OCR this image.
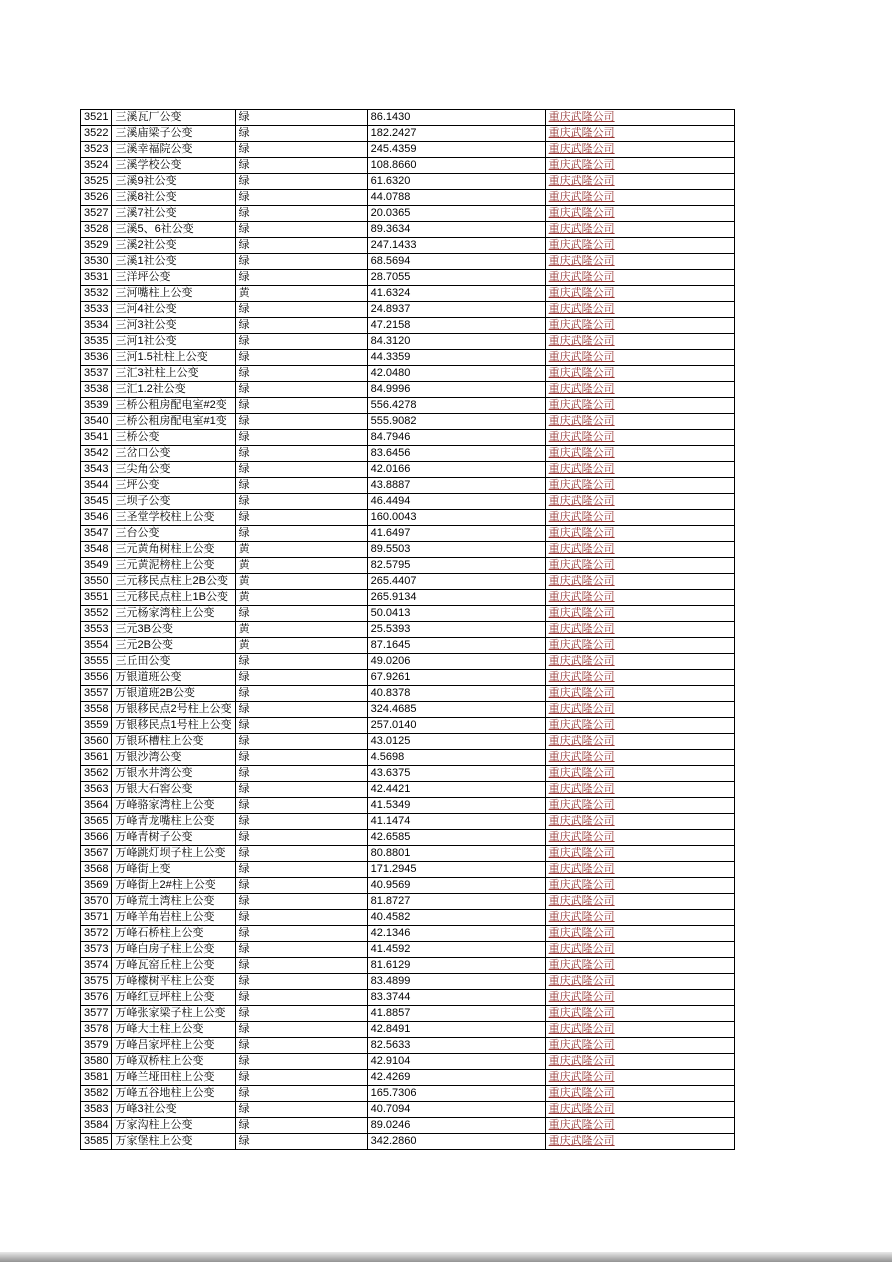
3521	三溪瓦厂公变	绿	86.1430	重庆武隆公司
3522	三溪庙梁子公变	绿	182.2427	重庆武隆公司
3523	三溪幸福院公变	绿	245.4359	重庆武隆公司
3524	三溪学校公变	绿	108.8660	重庆武隆公司
3525	三溪9社公变	绿	61.6320	重庆武隆公司
3526	三溪8社公变	绿	44.0788	重庆武隆公司
3527	三溪7社公变	绿	20.0365	重庆武隆公司
3528	三溪5、6社公变	绿	89.3634	重庆武隆公司
3529	三溪2社公变	绿	247.1433	重庆武隆公司
3530	三溪1社公变	绿	68.5694	重庆武隆公司
3531	三洋坪公变	绿	28.7055	重庆武隆公司
3532	三河嘴柱上公变	黄	41.6324	重庆武隆公司
3533	三河4社公变	绿	24.8937	重庆武隆公司
3534	三河3社公变	绿	47.2158	重庆武隆公司
3535	三河1社公变	绿	84.3120	重庆武隆公司
3536	三河1.5社柱上公变	绿	44.3359	重庆武隆公司
3537	三汇3社柱上公变	绿	42.0480	重庆武隆公司
3538	三汇1.2社公变	绿	84.9996	重庆武隆公司
3539	三桥公租房配电室#2变	绿	556.4278	重庆武隆公司
3540	三桥公租房配电室#1变	绿	555.9082	重庆武隆公司
3541	三桥公变	绿	84.7946	重庆武隆公司
3542	三岔口公变	绿	83.6456	重庆武隆公司
3543	三尖角公变	绿	42.0166	重庆武隆公司
3544	三坪公变	绿	43.8887	重庆武隆公司
3545	三坝子公变	绿	46.4494	重庆武隆公司
3546	三圣堂学校柱上公变	绿	160.0043	重庆武隆公司
3547	三台公变	绿	41.6497	重庆武隆公司
3548	三元黄角树柱上公变	黄	89.5503	重庆武隆公司
3549	三元黄泥榜柱上公变	黄	82.5795	重庆武隆公司
3550	三元移民点柱上2B公变	黄	265.4407	重庆武隆公司
3551	三元移民点柱上1B公变	黄	265.9134	重庆武隆公司
3552	三元杨家湾柱上公变	绿	50.0413	重庆武隆公司
3553	三元3B公变	黄	25.5393	重庆武隆公司
3554	三元2B公变	黄	87.1645	重庆武隆公司
3555	三丘田公变	绿	49.0206	重庆武隆公司
3556	万银道班公变	绿	67.9261	重庆武隆公司
3557	万银道班2B公变	绿	40.8378	重庆武隆公司
3558	万银移民点2号柱上公变	绿	324.4685	重庆武隆公司
3559	万银移民点1号柱上公变	绿	257.0140	重庆武隆公司
3560	万银环槽柱上公变	绿	43.0125	重庆武隆公司
3561	万银沙湾公变	绿	4.5698	重庆武隆公司
3562	万银水井湾公变	绿	43.6375	重庆武隆公司
3563	万银大石窖公变	绿	42.4421	重庆武隆公司
3564	万峰骆家湾柱上公变	绿	41.5349	重庆武隆公司
3565	万峰青龙嘴柱上公变	绿	41.1474	重庆武隆公司
3566	万峰青树子公变	绿	42.6585	重庆武隆公司
3567	万峰跳灯坝子柱上公变	绿	80.8801	重庆武隆公司
3568	万峰街上变	绿	171.2945	重庆武隆公司
3569	万峰街上2#柱上公变	绿	40.9569	重庆武隆公司
3570	万峰荒土湾柱上公变	绿	81.8727	重庆武隆公司
3571	万峰羊角岩柱上公变	绿	40.4582	重庆武隆公司
3572	万峰石桥柱上公变	绿	42.1346	重庆武隆公司
3573	万峰白房子柱上公变	绿	41.4592	重庆武隆公司
3574	万峰瓦窑丘柱上公变	绿	81.6129	重庆武隆公司
3575	万峰檬树平柱上公变	绿	83.4899	重庆武隆公司
3576	万峰红豆坪柱上公变	绿	83.3744	重庆武隆公司
3577	万峰张家梁子柱上公变	绿	41.8857	重庆武隆公司
3578	万峰大土柱上公变	绿	42.8491	重庆武隆公司
3579	万峰吕家坪柱上公变	绿	82.5633	重庆武隆公司
3580	万峰双桥柱上公变	绿	42.9104	重庆武隆公司
3581	万峰兰垭田柱上公变	绿	42.4269	重庆武隆公司
3582	万峰五谷地柱上公变	绿	165.7306	重庆武隆公司
3583	万峰3社公变	绿	40.7094	重庆武隆公司
3584	万家沟柱上公变	绿	89.0246	重庆武隆公司
3585	万家堡柱上公变	绿	342.2860	重庆武隆公司
